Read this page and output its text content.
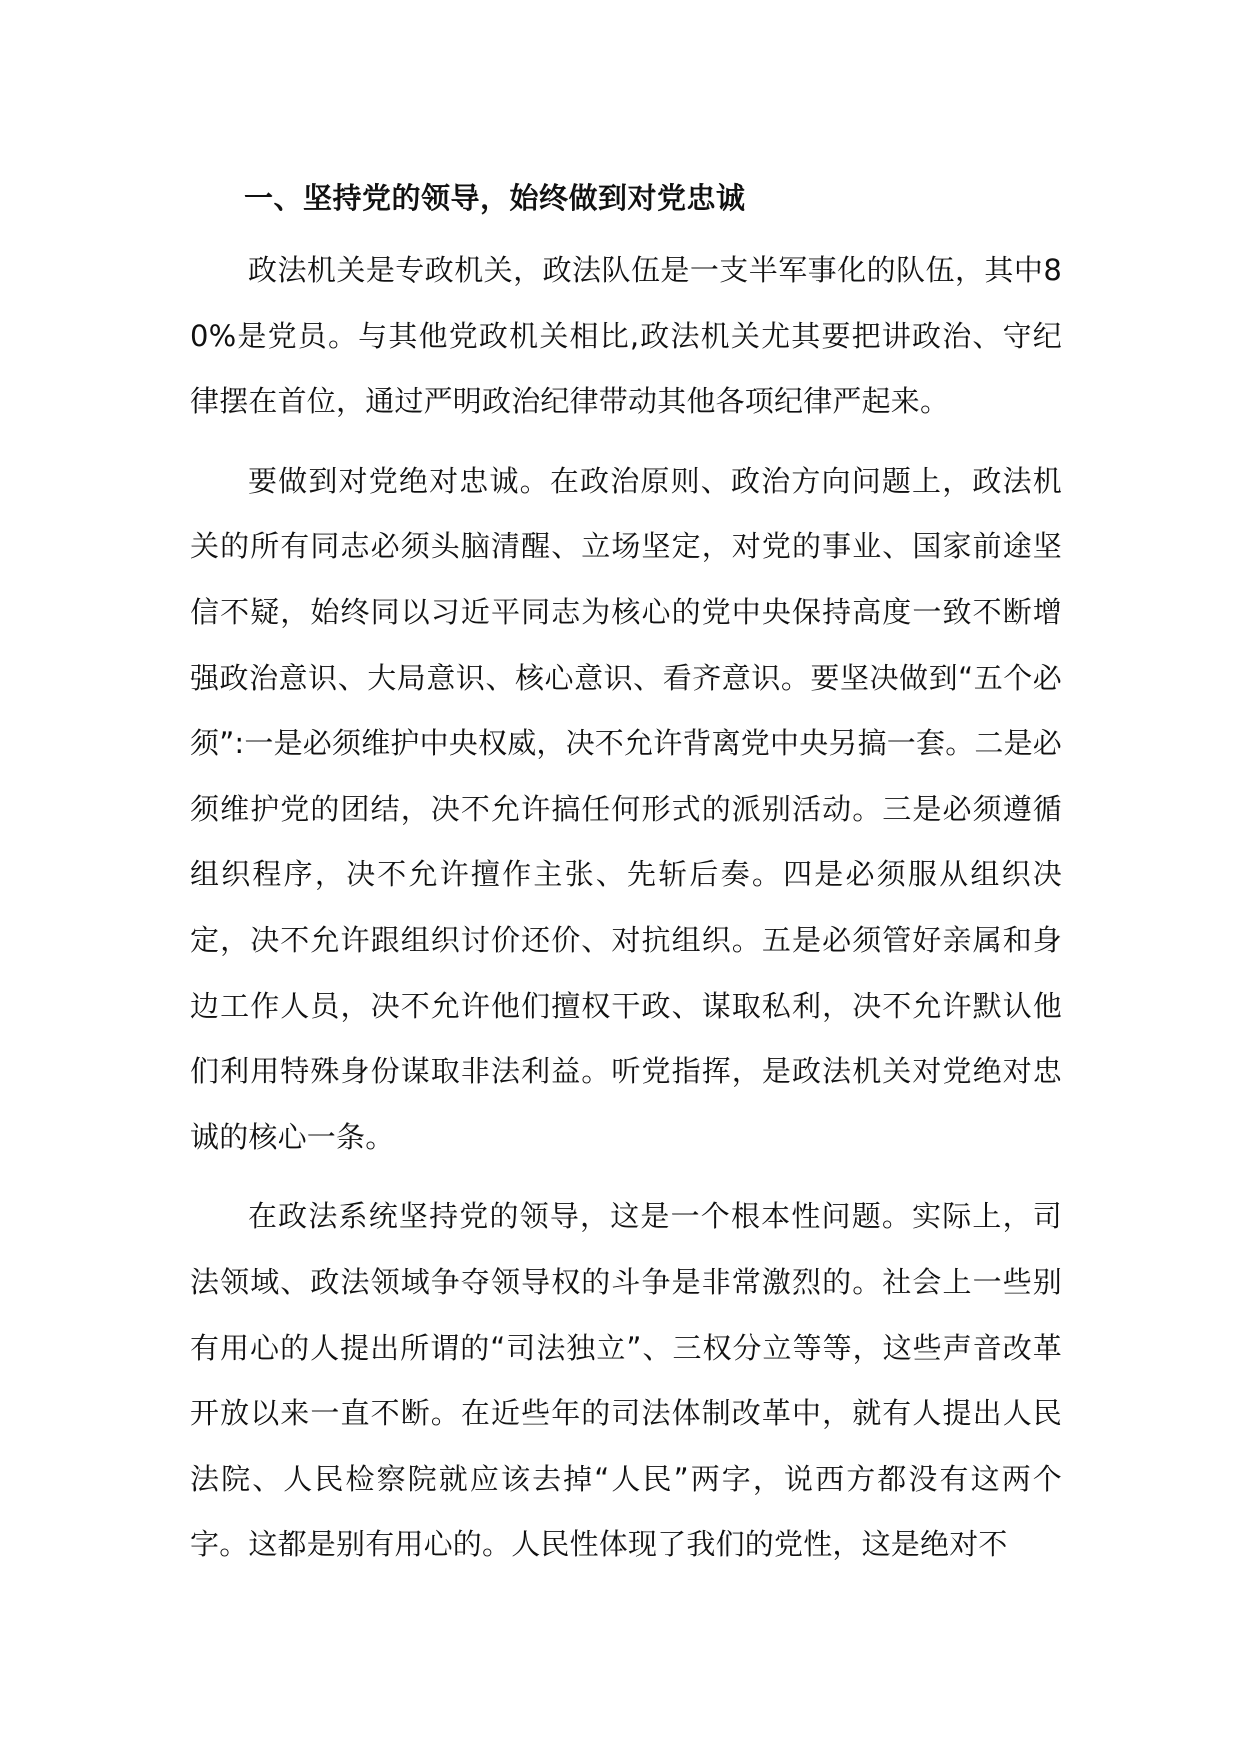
一、坚持党的领导，始终做到对党忠诚

政法机关是专政机关，政法队伍是一支半军事化的队伍，其中80%是党员。与其他党政机关相比,政法机关尤其要把讲政治、守纪律摆在首位，通过严明政治纪律带动其他各项纪律严起来。

要做到对党绝对忠诚。在政治原则、政治方向问题上，政法机关的所有同志必须头脑清醒、立场坚定，对党的事业、国家前途坚信不疑，始终同以习近平同志为核心的党中央保持高度一致不断增强政治意识、大局意识、核心意识、看齐意识。要坚决做到“五个必须”:一是必须维护中央权威，决不允许背离党中央另搞一套。二是必须维护党的团结，决不允许搞任何形式的派别活动。三是必须遵循组织程序，决不允许擅作主张、先斩后奏。四是必须服从组织决定，决不允许跟组织讨价还价、对抗组织。五是必须管好亲属和身边工作人员，决不允许他们擅权干政、谋取私利，决不允许默认他们利用特殊身份谋取非法利益。听党指挥，是政法机关对党绝对忠诚的核心一条。

在政法系统坚持党的领导，这是一个根本性问题。实际上，司法领域、政法领域争夺领导权的斗争是非常激烈的。社会上一些别有用心的人提出所谓的“司法独立”、三权分立等等，这些声音改革开放以来一直不断。在近些年的司法体制改革中，就有人提出人民法院、人民检察院就应该去掉“人民”两字，说西方都没有这两个字。这都是别有用心的。人民性体现了我们的党性，这是绝对不
